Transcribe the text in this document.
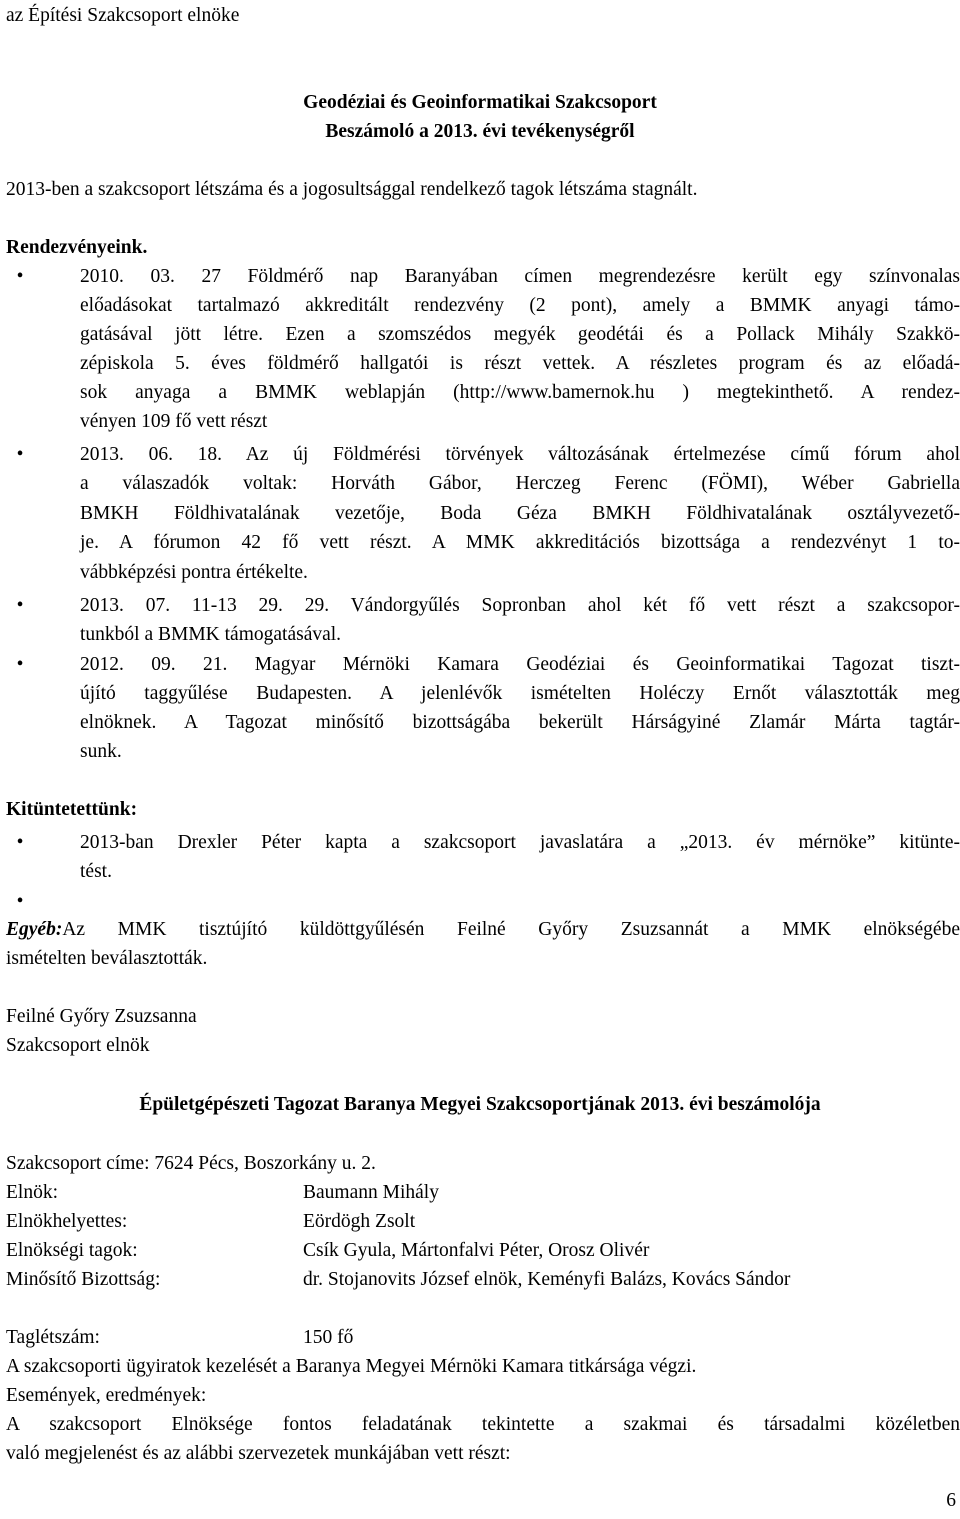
az Építési Szakcsoport elnöke
Geodéziai és Geoinformatikai Szakcsoport
Beszámoló a 2013. évi tevékenységről
2013-ben a szakcsoport létszáma és a jogosultsággal rendelkező tagok létszáma stagnált.
Rendezvényeink.
•	2010. 03. 27 Földmérő nap Baranyában címen megrendezésre került egy színvonalas
előadásokat tartalmazó akkreditált rendezvény (2 pont), amely a BMMK anyagi támo-
gatásával jött létre. Ezen a szomszédos megyék geodétái és a Pollack Mihály Szakkö-
zépiskola 5. éves földmérő hallgatói is részt vettek. A részletes program és az előadá-
sok anyaga a BMMK weblapján (http://www.bamernok.hu ) megtekinthető. A rendez-
vényen 109 fő vett részt
•	2013. 06. 18. Az új Földmérési törvények változásának értelmezése című fórum ahol
a válaszadók voltak: Horváth Gábor, Herczeg Ferenc (FÖMI), Wéber Gabriella
BMKH Földhivatalának vezetője, Boda Géza BMKH Földhivatalának osztályvezető-
je. A fórumon 42 fő vett részt. A MMK akkreditációs bizottsága a rendezvényt 1 to-
vábbképzési pontra értékelte.
•	2013. 07. 11-13 29. 29. Vándorgyűlés Sopronban ahol két fő vett részt a szakcsopor-
tunkból a BMMK támogatásával.
•	2012. 09. 21. Magyar Mérnöki Kamara Geodéziai és Geoinformatikai Tagozat tiszt-
újító taggyűlése Budapesten. A jelenlévők ismételten Holéczy Ernőt választották meg
elnöknek. A Tagozat minősítő bizottságába bekerült Hárságyiné Zlamár Márta tagtár-
sunk.
Kitüntetettünk:
•	2013-ban Drexler Péter kapta a szakcsoport javaslatára a „2013. év mérnöke” kitünte-
tést.
•
Egyéb:Az MMK tisztújító küldöttgyűlésén Feilné Győry Zsuzsannát a MMK elnökségébe
ismételten beválasztották.
Feilné Győry Zsuzsanna
Szakcsoport elnök
Épületgépészeti Tagozat Baranya Megyei Szakcsoportjának 2013. évi beszámolója
Szakcsoport címe: 7624 Pécs, Boszorkány u. 2.
Elnök:	Baumann Mihály
Elnökhelyettes:	Eördögh Zsolt
Elnökségi tagok:	Csík Gyula, Mártonfalvi Péter, Orosz Olivér
Minősítő Bizottság:	dr. Stojanovits József elnök, Keményfi Balázs, Kovács Sándor
Taglétszám:	150 fő
A szakcsoporti ügyiratok kezelését a Baranya Megyei Mérnöki Kamara titkársága végzi.
Események, eredmények:
A szakcsoport Elnöksége fontos feladatának tekintette a szakmai és társadalmi közéletben
való megjelenést és az alábbi szervezetek munkájában vett részt:
6
